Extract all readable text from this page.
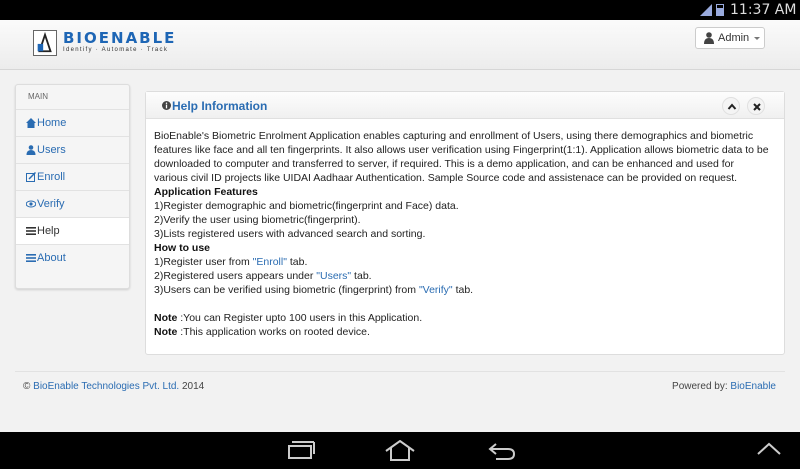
11:37 AM
BIOENABLE
Identify · Automate · Track
Admin
MAIN
Home
Users
Enroll
Verify
Help
About
Help Information

BioEnable's Biometric Enrolment Application enables capturing and enrollment of Users, using there demographics and biometric features like face and all ten fingerprints. It also allows user verification using Fingerprint(1:1). Application allows biometric data to be downloaded to computer and transferred to server, if required. This is a demo application, and can be enhanced and used for various civil ID projects like UIDAI Aadhaar Authentication. Sample Source code and assistenace can be provided on request.

Application Features

1)Register demographic and biometric(fingerprint and Face) data.

2)Verify the user using biometric(fingerprint).

3)Lists registered users with advanced search and sorting.

How to use

1)Register user from "Enroll" tab.

2)Registered users appears under "Users" tab.

3)Users can be verified using biometric (fingerprint) from "Verify" tab.

Note :You can Register upto 100 users in this Application.

Note :This application works on rooted device.

© BioEnable Technologies Pvt. Ltd. 2014	Powered by: BioEnable
